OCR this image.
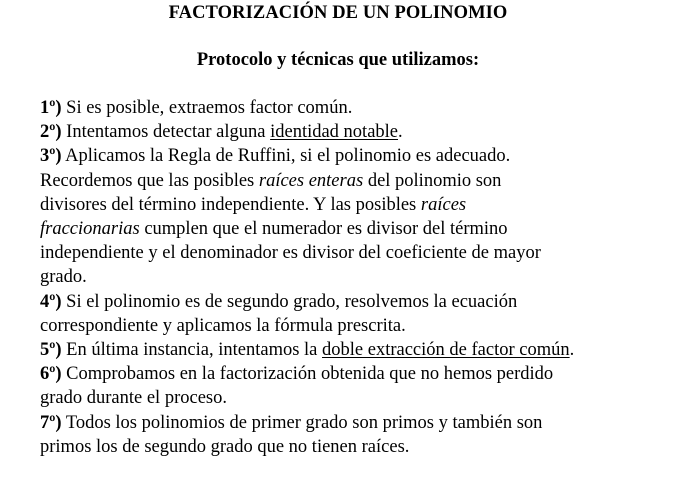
FACTORIZACIÓN DE UN POLINOMIO
Protocolo y técnicas que utilizamos:
1º) Si es posible, extraemos factor común.
2º) Intentamos detectar alguna identidad notable.
3º) Aplicamos la Regla de Ruffini, si el polinomio es adecuado.
Recordemos que las posibles raíces enteras del polinomio son
divisores del término independiente. Y las posibles raíces
fraccionarias cumplen que el numerador es divisor del término
independiente y el denominador es divisor del coeficiente de mayor
grado.
4º) Si el polinomio es de segundo grado, resolvemos la ecuación
correspondiente y aplicamos la fórmula prescrita.
5º) En última instancia, intentamos la doble extracción de factor común.
6º) Comprobamos en la factorización obtenida que no hemos perdido
grado durante el proceso.
7º) Todos los polinomios de primer grado son primos y también son
primos los de segundo grado que no tienen raíces.
